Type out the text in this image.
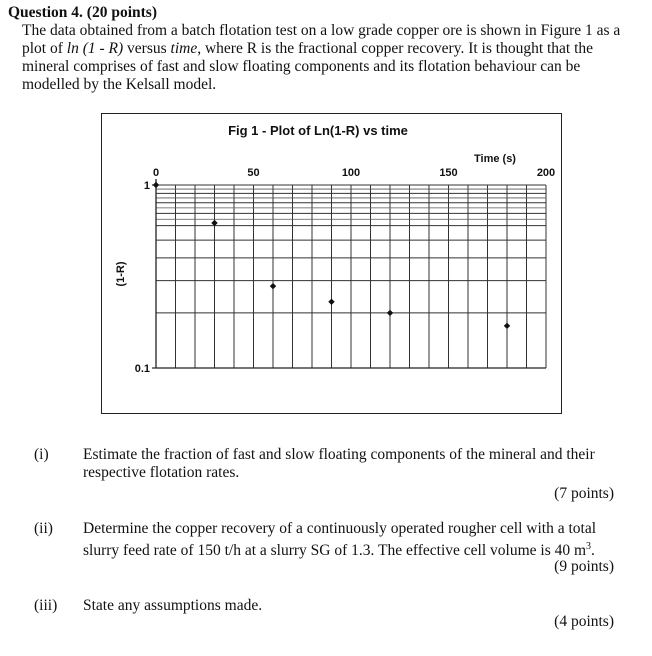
Question 4. (20 points)

The data obtained from a batch flotation test on a low grade copper ore is shown in Figure 1 as a plot of ln (1 - R) versus time, where R is the fractional copper recovery. It is thought that the mineral comprises of fast and slow floating components and its flotation behaviour can be modelled by the Kelsall model.

Fig 1 - Plot of Ln(1-R) vs time
Time (s)
(1-R)
0	50	100	150	200
1
0.1
(i) Estimate the fraction of fast and slow floating components of the mineral and their respective flotation rates.
(7 points)
(ii) Determine the copper recovery of a continuously operated rougher cell with a total slurry feed rate of 150 t/h at a slurry SG of 1.3. The effective cell volume is 40 $m^3$.
(9 points)
(iii) State any assumptions made.
(4 points)
